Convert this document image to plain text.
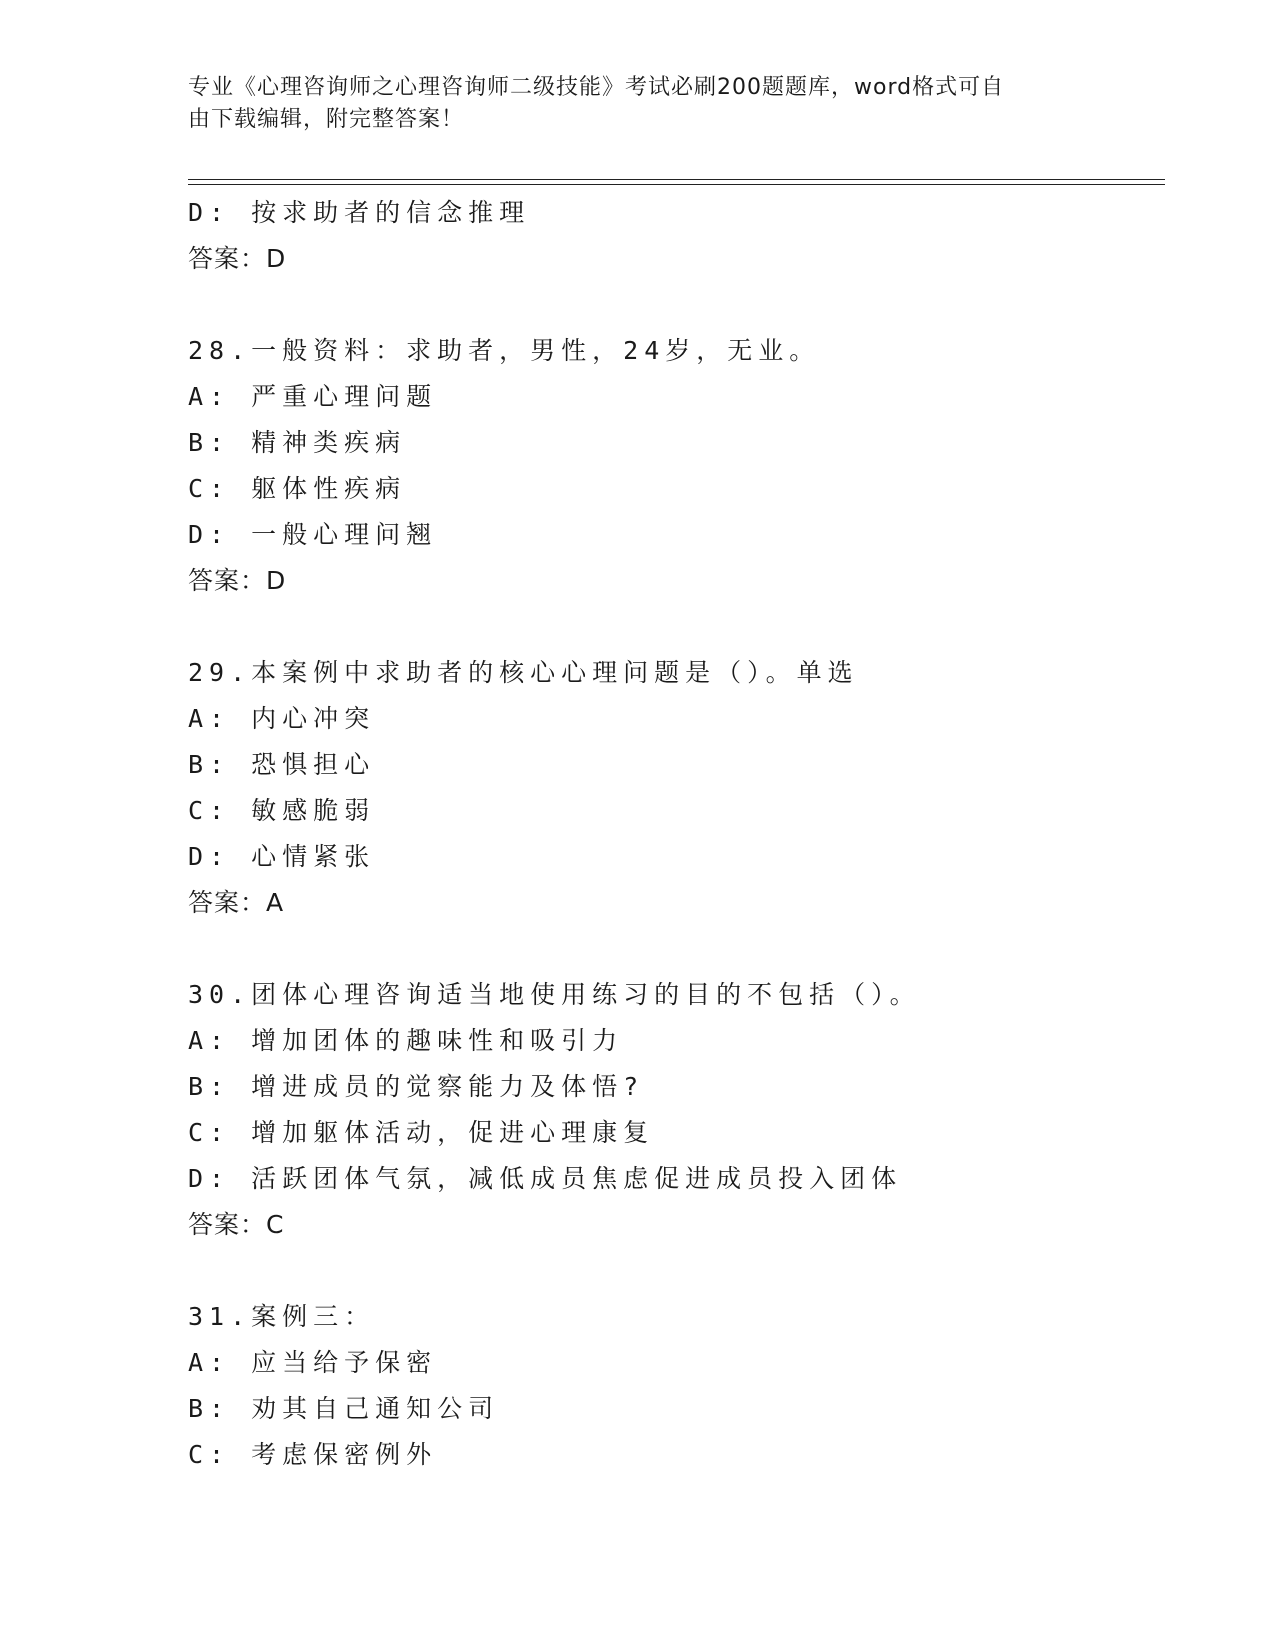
专业《心理咨询师之心理咨询师二级技能》考试必刷200题题库，word格式可自
由下载编辑，附完整答案！
D: 按求助者的信念推理
答案：D
28.一般资料：求助者，男性，24岁，无业。
A: 严重心理问题
B: 精神类疾病
C: 躯体性疾病
D: 一般心理问翘
答案：D
29.本案例中求助者的核心心理问题是（）。单选
A: 内心冲突
B: 恐惧担心
C: 敏感脆弱
D: 心情紧张
答案：A
30.团体心理咨询适当地使用练习的目的不包括（）。
A: 增加团体的趣味性和吸引力
B: 增进成员的觉察能力及体悟?
C: 增加躯体活动，促进心理康复
D: 活跃团体气氛，减低成员焦虑促进成员投入团体
答案：C
31.案例三：
A: 应当给予保密
B: 劝其自己通知公司
C: 考虑保密例外
